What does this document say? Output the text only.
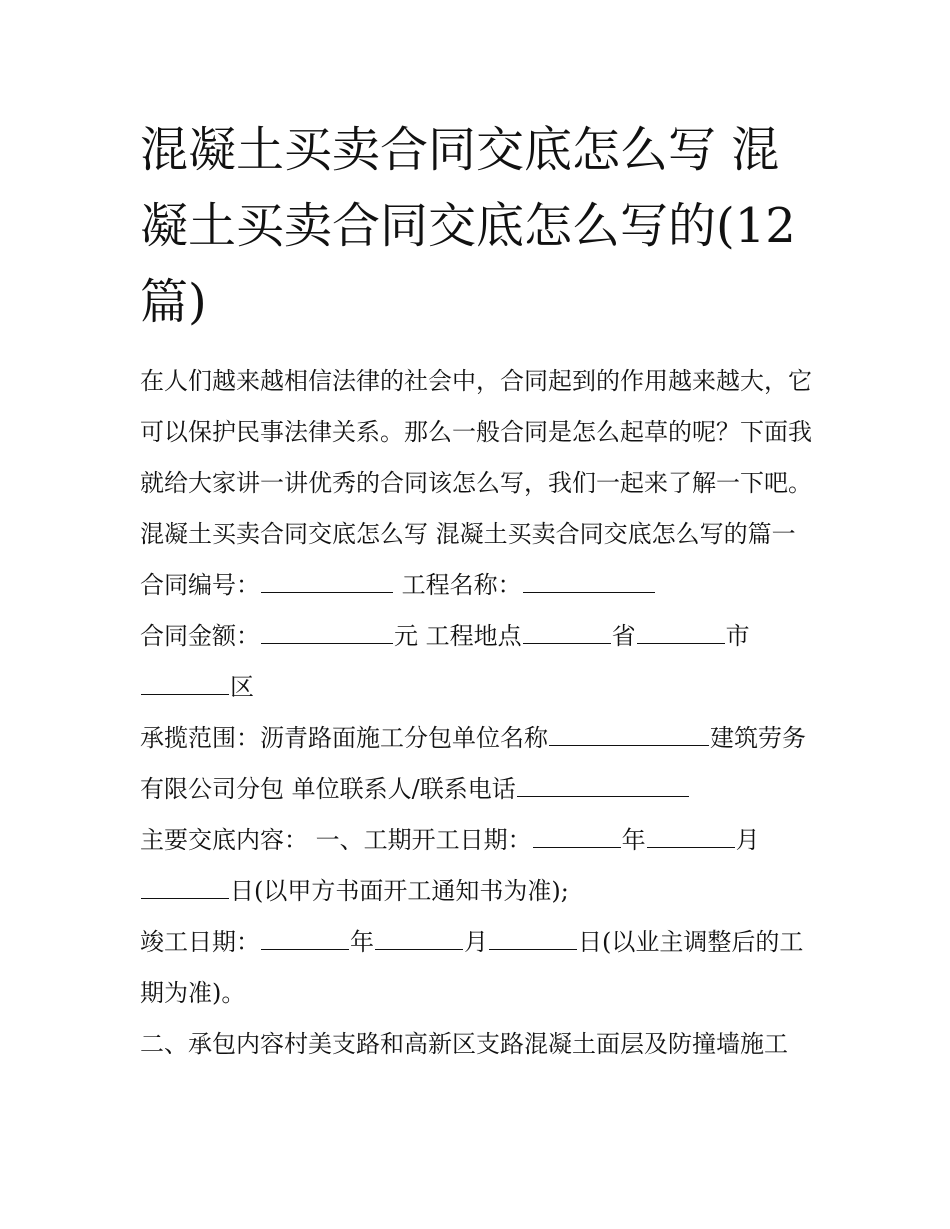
混凝土买卖合同交底怎么写 混凝土买卖合同交底怎么写的(12篇)

在人们越来越相信法律的社会中，合同起到的作用越来越大，它可以保护民事法律关系。那么一般合同是怎么起草的呢？下面我就给大家讲一讲优秀的合同该怎么写，我们一起来了解一下吧。

混凝土买卖合同交底怎么写 混凝土买卖合同交底怎么写的篇一 合同编号：	工程名称：

合同金额：	元 工程地点	省	市 区

承揽范围：沥青路面施工分包单位名称	建筑劳务有限公司分包 单位联系人/联系电话

主要交底内容： 一、工期开工日期：	年	月 日(以甲方书面开工通知书为准);

竣工日期：	年	月	日(以业主调整后的工期为准)。

二、承包内容村美支路和高新区支路混凝土面层及防撞墙施工
